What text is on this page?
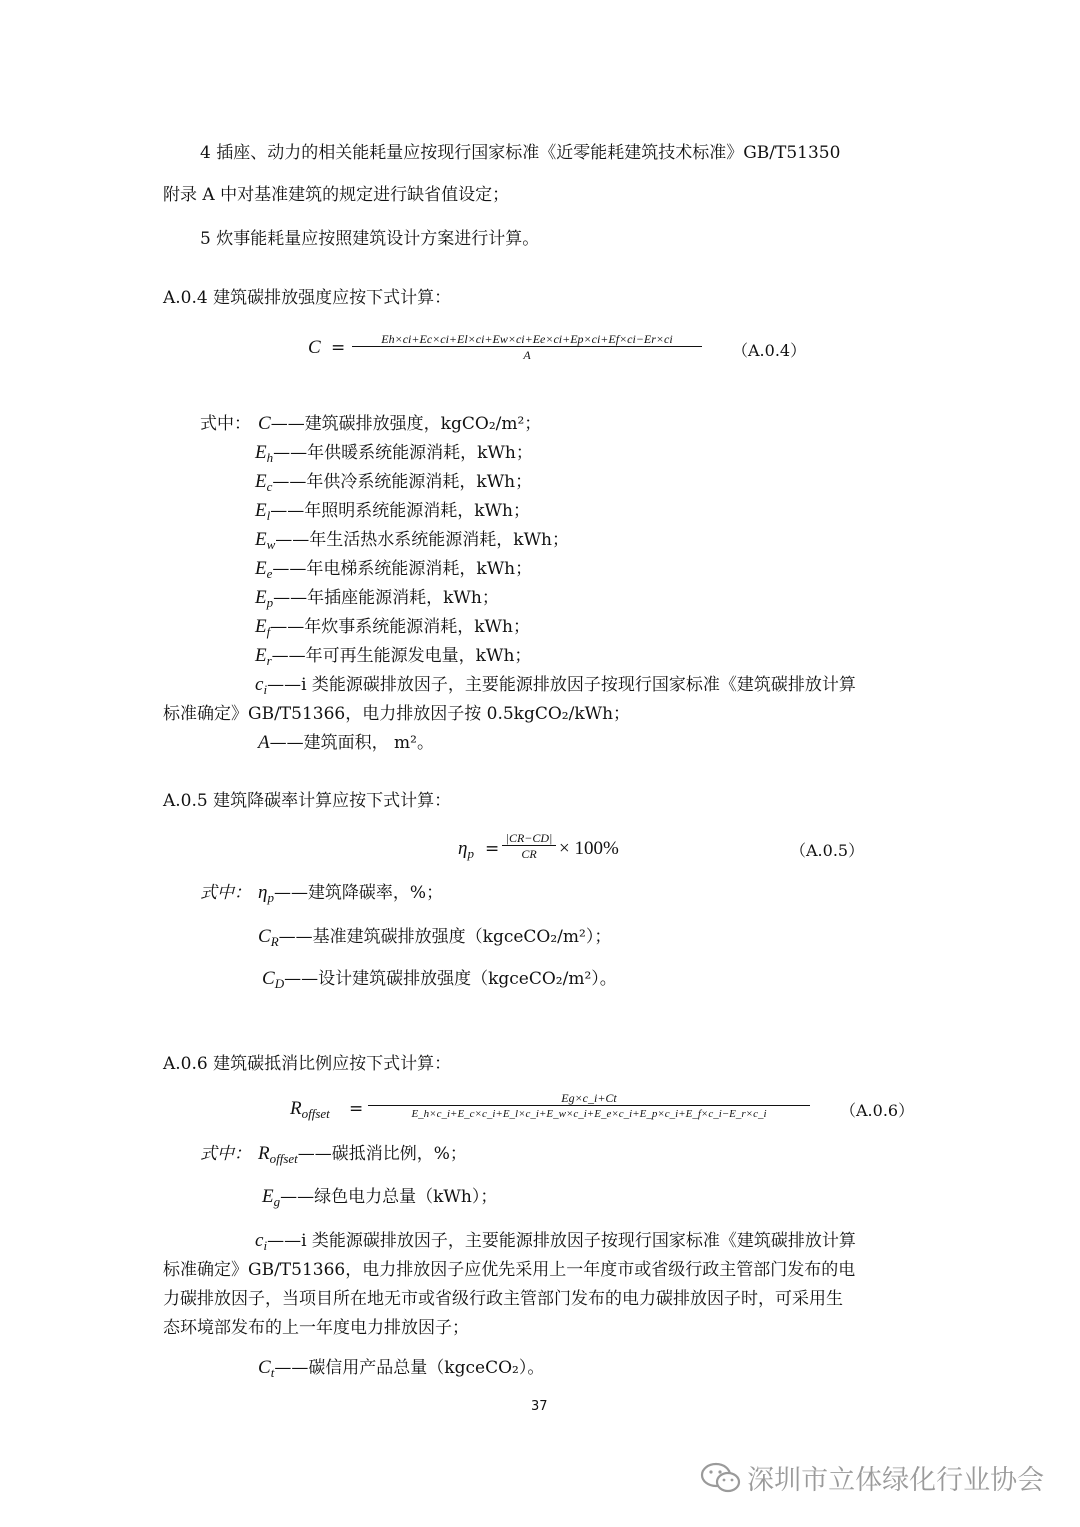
4 插座、动力的相关能耗量应按现行国家标准《近零能耗建筑技术标准》GB/T51350
附录 A 中对基准建筑的规定进行缺省值设定；
5 炊事能耗量应按照建筑设计方案进行计算。
A.0.4 建筑碳排放强度应按下式计算：
C =	Eh×ci+Ec×ci+El×ci+Ew×ci+Ee×ci+Ep×ci+Ef×ci−Er×ci
A	（A.0.4）
式中： C——建筑碳排放强度，kgCO₂/m²；
$E_h——$年供暖系统能源消耗，kWh；
$E_c——$年供冷系统能源消耗，kWh；
$E_l——$年照明系统能源消耗，kWh；
$E_w——$年生活热水系统能源消耗，kWh；
$E_e——$年电梯系统能源消耗，kWh；
$E_p——$年插座能源消耗，kWh；
$E_f——$年炊事系统能源消耗，kWh；
$E_r——$年可再生能源发电量，kWh；
$c_i——i$ 类能源碳排放因子，主要能源排放因子按现行国家标准《建筑碳排放计算
标准确定》GB/T51366，电力排放因子按 0.5kgCO₂/kWh；
A——建筑面积， m²。
A.0.5 建筑降碳率计算应按下式计算：
$\eta_p$ =
|CR−CD|
CR	× 100%	（A.0.5）
式中： $\eta_p——$建筑降碳率，%；
$C_R——$基准建筑碳排放强度（kgceCO₂/m²）；
$C_D——$设计建筑碳排放强度（kgceCO₂/m²）。
A.0.6 建筑碳抵消比例应按下式计算：
$R_{offset}$ =
Eg×c_i+Ct
E_h×c_i+E_c×c_i+E_l×c_i+E_w×c_i+E_e×c_i+E_p×c_i+E_f×c_i−E_r×c_i	（A.0.6）
式中： $R_{offset}——$碳抵消比例，%；
$E_g——$绿色电力总量（kWh）；
$c_i——i$ 类能源碳排放因子，主要能源排放因子按现行国家标准《建筑碳排放计算
标准确定》GB/T51366，电力排放因子应优先采用上一年度市或省级行政主管部门发布的电
力碳排放因子，当项目所在地无市或省级行政主管部门发布的电力碳排放因子时，可采用生
态环境部发布的上一年度电力排放因子；
$C_t——$碳信用产品总量（kgceCO₂）。
37
深圳市立体绿化行业协会
